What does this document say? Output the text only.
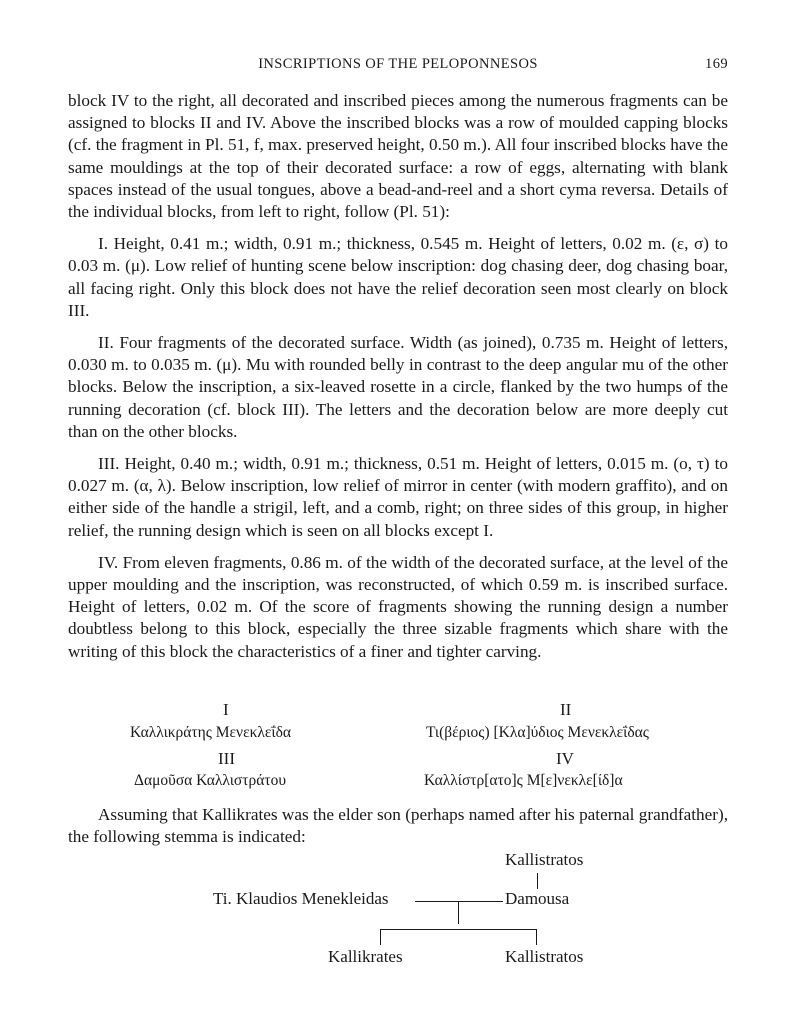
INSCRIPTIONS OF THE PELOPONNESOS	169

block IV to the right, all decorated and inscribed pieces among the numerous fragments can be assigned to blocks II and IV. Above the inscribed blocks was a row of moulded capping blocks (cf. the fragment in Pl. 51, f, max. preserved height, 0.50 m.). All four inscribed blocks have the same mouldings at the top of their decorated surface: a row of eggs, alternating with blank spaces instead of the usual tongues, above a bead-and-reel and a short cyma reversa. Details of the individual blocks, from left to right, follow (Pl. 51):

I. Height, 0.41 m.; width, 0.91 m.; thickness, 0.545 m. Height of letters, 0.02 m. (ε, σ) to 0.03 m. (μ). Low relief of hunting scene below inscription: dog chasing deer, dog chasing boar, all facing right. Only this block does not have the relief decoration seen most clearly on block III.

II. Four fragments of the decorated surface. Width (as joined), 0.735 m. Height of letters, 0.030 m. to 0.035 m. (μ). Mu with rounded belly in contrast to the deep angular mu of the other blocks. Below the inscription, a six-leaved rosette in a circle, flanked by the two humps of the running decoration (cf. block III). The letters and the decoration below are more deeply cut than on the other blocks.

III. Height, 0.40 m.; width, 0.91 m.; thickness, 0.51 m. Height of letters, 0.015 m. (ο, τ) to 0.027 m. (α, λ). Below inscription, low relief of mirror in center (with modern graffito), and on either side of the handle a strigil, left, and a comb, right; on three sides of this group, in higher relief, the running design which is seen on all blocks except I.

IV. From eleven fragments, 0.86 m. of the width of the decorated surface, at the level of the upper moulding and the inscription, was reconstructed, of which 0.59 m. is inscribed surface. Height of letters, 0.02 m. Of the score of fragments showing the running design a number doubtless belong to this block, especially the three sizable fragments which share with the writing of this block the characteristics of a finer and tighter carving.

I
Καλλικράτης Μενεκλεΐδα
II
Τι(βέριος) [Κλα]ύδιος Μενεκλεΐδας
III
Δαμοῦσα Καλλιστράτου
IV
Καλλίστρ[ατο]ς Μ[ε]νεκλε[ίδ]α
Assuming that Kallikrates was the elder son (perhaps named after his paternal grandfather), the following stemma is indicated:
Kallistratos
Ti. Klaudios Menekleidas	Damousa
Kallikrates	Kallistratos
